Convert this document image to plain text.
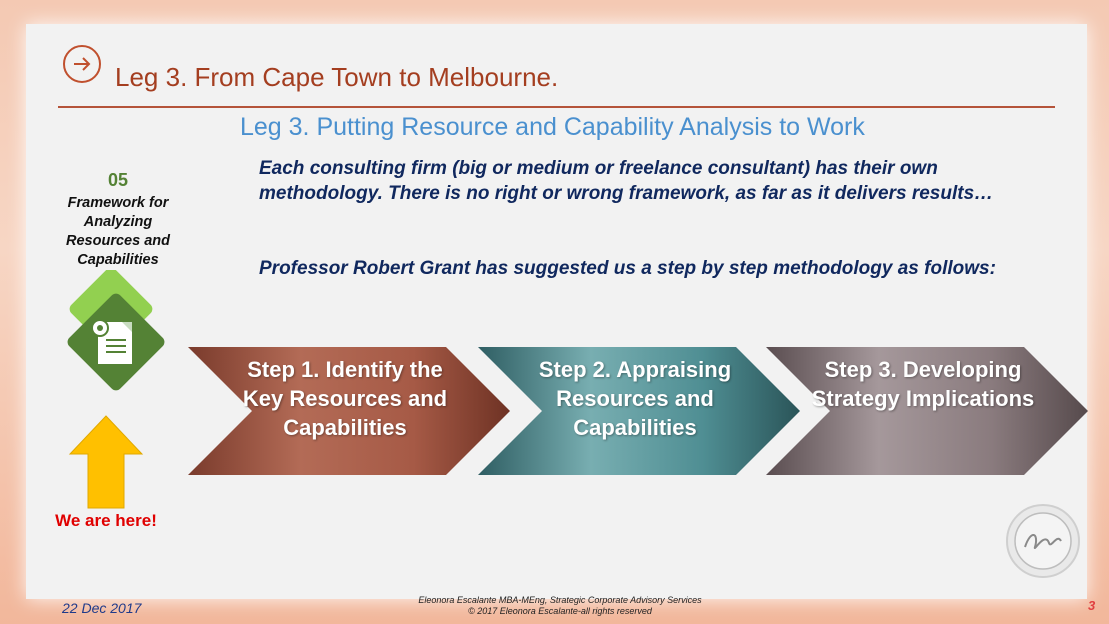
Leg 3. From Cape Town to Melbourne.
Leg 3. Putting Resource and Capability Analysis to Work
Each consulting firm (big or medium or freelance consultant) has their own methodology. There is no right or wrong framework, as far as it delivers results…
Professor Robert Grant has suggested us a step by step methodology as follows:
05
Framework for Analyzing Resources and Capabilities
We are here!
Step 1. Identify the Key Resources and Capabilities
Step 2. Appraising Resources and Capabilities
Step 3. Developing Strategy Implications
22 Dec 2017	Eleonora Escalante MBA-MEng, Strategic Corporate Advisory Services
© 2017 Eleonora Escalante-all rights reserved	3
